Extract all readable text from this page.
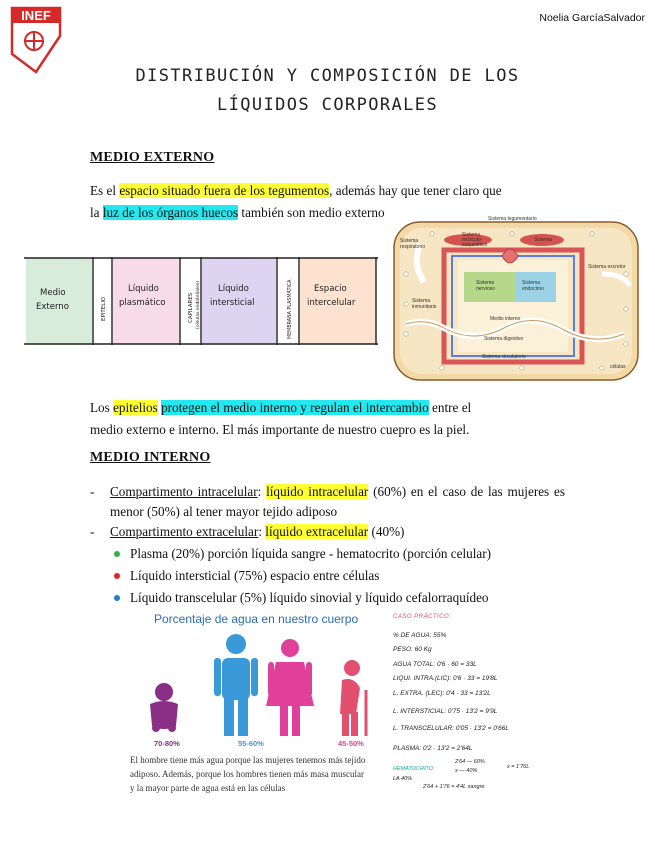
INEF	Noelia GarcíaSalvador
DISTRIBUCIÓN Y COMPOSICIÓN DE LOS
LÍQUIDOS CORPORALES
MEDIO EXTERNO
Es el espacio situado fuera de los tegumentos, además hay que tener claro que
la luz de los órganos huecos también son medio externo
Medio
Externo
Líquido
plasmático
Líquido
intersticial
Espacio
intercelular
EPITELIO	CAPILARES (células endoteliales)	MEMBRANA PLASMÁTICA
Sistema tegumentario
Sistema
respiratorio
Sistema
músculo-
esquelético
Sistema
Sistema excretor
Sistema
nervioso
Sistema
endocrino
Sistema
inmunitario
Medio interno
Sistema digestivo
Sistema circulatorio
células
Los epitelios protegen el medio interno y regulan el intercambio entre el
medio externo e interno. El más importante de nuestro cuepro es la piel.
MEDIO INTERNO
- Compartimento intracelular: líquido intracelular (60%) en el caso de las mujeres es menor (50%) al tener mayor tejido adiposo
- Compartimento extracelular: líquido extracelular (40%)
Plasma (20%) porción líquida sangre - hematocrito (porción celular)
Líquido intersticial (75%) espacio entre células
Líquido transcelular (5%) líquido sinovial y líquido cefalorraquídeo
Porcentaje de agua en nuestro cuerpo
70-80%	55-60%	45-50%
El hombre tiene más agua porque las mujeres tenemos más tejido
adiposo. Además, porque los hombres tienen más masa muscular
y la mayor parte de agua está en las células
CASO PRÁCTICO:
% DE AGUA: 55%
PESO: 60 Kg
AGUA TOTAL: 0'6 · 60 = 33L
LIQUI. INTRA.(LIC): 0'6 · 33 = 19'8L
L. EXTRA. (LEC): 0'4 · 33 = 13'2L
L. INTERSTICIAL: 0'75 · 13'2 = 9'9L
L. TRANSCELULAR: 0'05 · 13'2 = 0'66L
PLASMA: 0'2 · 13'2 = 2'64L
2'64 — 60%
HEMATOCRITO:	x — 40%
x = 1'76L
LA 40%
2'64 + 1'76 = 4'4L sangre
